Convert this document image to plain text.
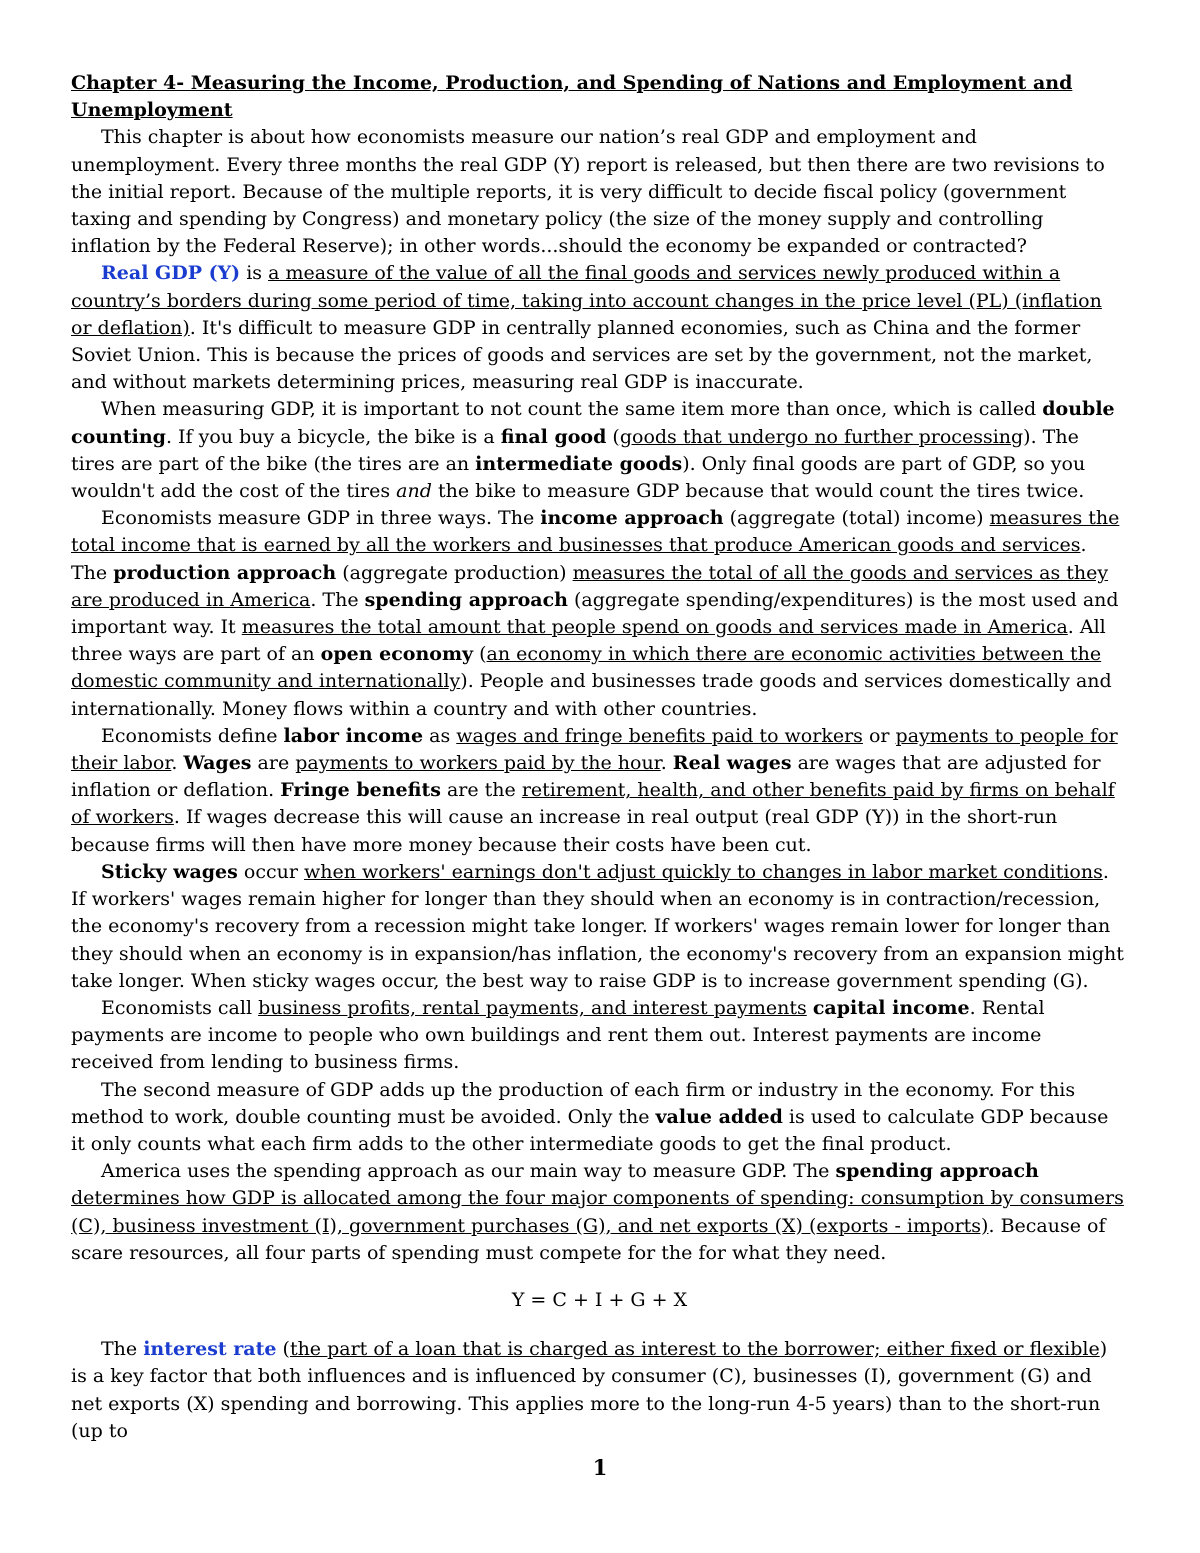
Chapter 4- Measuring the Income, Production, and Spending of Nations and Employment and Unemployment

This chapter is about how economists measure our nation’s real GDP and employment and unemployment. Every three months the real GDP (Y) report is released, but then there are two revisions to the initial report. Because of the multiple reports, it is very difficult to decide fiscal policy (government taxing and spending by Congress) and monetary policy (the size of the money supply and controlling inflation by the Federal Reserve); in other words...should the economy be expanded or contracted?

Real GDP (Y) is a measure of the value of all the final goods and services newly produced within a country’s borders during some period of time, taking into account changes in the price level (PL) (inflation or deflation). It's difficult to measure GDP in centrally planned economies, such as China and the former Soviet Union. This is because the prices of goods and services are set by the government, not the market, and without markets determining prices, measuring real GDP is inaccurate.

When measuring GDP, it is important to not count the same item more than once, which is called double counting. If you buy a bicycle, the bike is a final good (goods that undergo no further processing). The tires are part of the bike (the tires are an intermediate goods). Only final goods are part of GDP, so you wouldn't add the cost of the tires and the bike to measure GDP because that would count the tires twice.

Economists measure GDP in three ways. The income approach (aggregate (total) income) measures the total income that is earned by all the workers and businesses that produce American goods and services. The production approach (aggregate production) measures the total of all the goods and services as they are produced in America. The spending approach (aggregate spending/expenditures) is the most used and important way. It measures the total amount that people spend on goods and services made in America. All three ways are part of an open economy (an economy in which there are economic activities between the domestic community and internationally). People and businesses trade goods and services domestically and internationally. Money flows within a country and with other countries.

Economists define labor income as wages and fringe benefits paid to workers or payments to people for their labor. Wages are payments to workers paid by the hour. Real wages are wages that are adjusted for inflation or deflation. Fringe benefits are the retirement, health, and other benefits paid by firms on behalf of workers. If wages decrease this will cause an increase in real output (real GDP (Y)) in the short-run because firms will then have more money because their costs have been cut.

Sticky wages occur when workers' earnings don't adjust quickly to changes in labor market conditions. If workers' wages remain higher for longer than they should when an economy is in contraction/recession, the economy's recovery from a recession might take longer. If workers' wages remain lower for longer than they should when an economy is in expansion/has inflation, the economy's recovery from an expansion might take longer. When sticky wages occur, the best way to raise GDP is to increase government spending (G).

Economists call business profits, rental payments, and interest payments capital income. Rental payments are income to people who own buildings and rent them out. Interest payments are income received from lending to business firms.

The second measure of GDP adds up the production of each firm or industry in the economy. For this method to work, double counting must be avoided. Only the value added is used to calculate GDP because it only counts what each firm adds to the other intermediate goods to get the final product.

America uses the spending approach as our main way to measure GDP. The spending approach determines how GDP is allocated among the four major components of spending: consumption by consumers (C), business investment (I), government purchases (G), and net exports (X) (exports - imports). Because of scare resources, all four parts of spending must compete for the for what they need.

Y = C + I + G + X

The interest rate (the part of a loan that is charged as interest to the borrower; either fixed or flexible) is a key factor that both influences and is influenced by consumer (C), businesses (I), government (G) and net exports (X) spending and borrowing. This applies more to the long-run 4-5 years) than to the short-run (up to

1
